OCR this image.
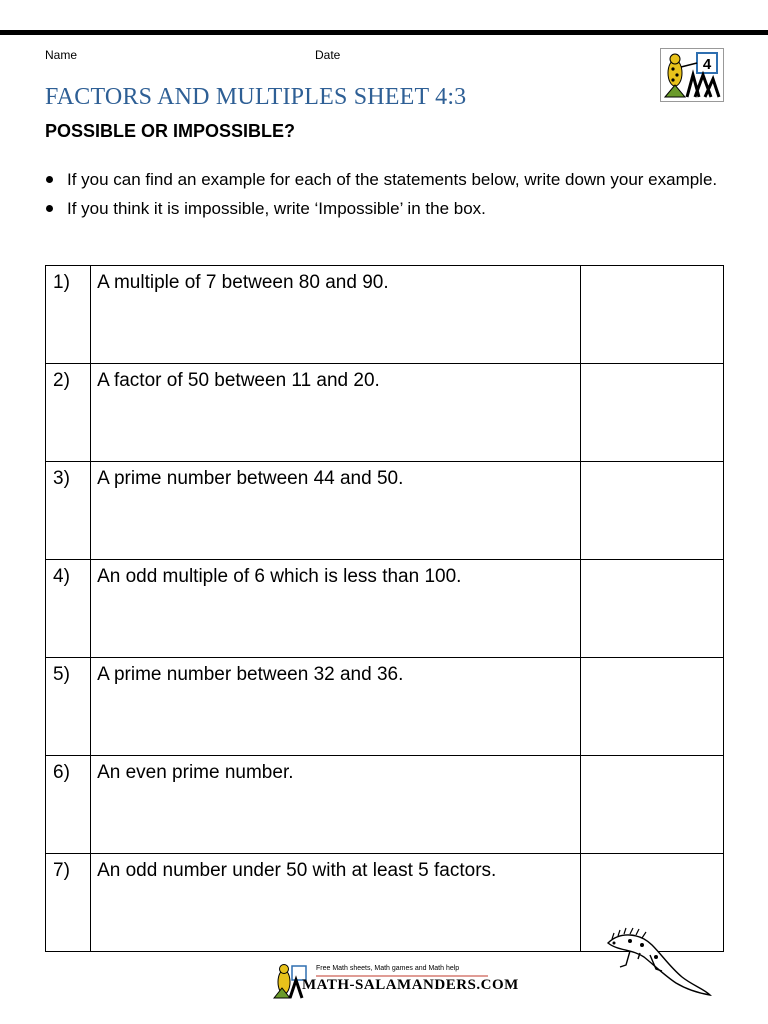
Name	Date
4
FACTORS AND MULTIPLES SHEET 4:3
POSSIBLE OR IMPOSSIBLE?
If you can find an example for each of the statements below, write down your example.
If you think it is impossible, write ‘Impossible’ in the box.
1)	A multiple of 7 between 80 and 90.	
2)	A factor of 50 between 11 and 20.	
3)	A prime number between 44 and 50.	
4)	An odd multiple of 6 which is less than 100.	
5)	A prime number between 32 and 36.	
6)	An even prime number.	
7)	An odd number under 50 with at least 5 factors.	
Free Math sheets, Math games and Math help
MATH-SALAMANDERS.COM
